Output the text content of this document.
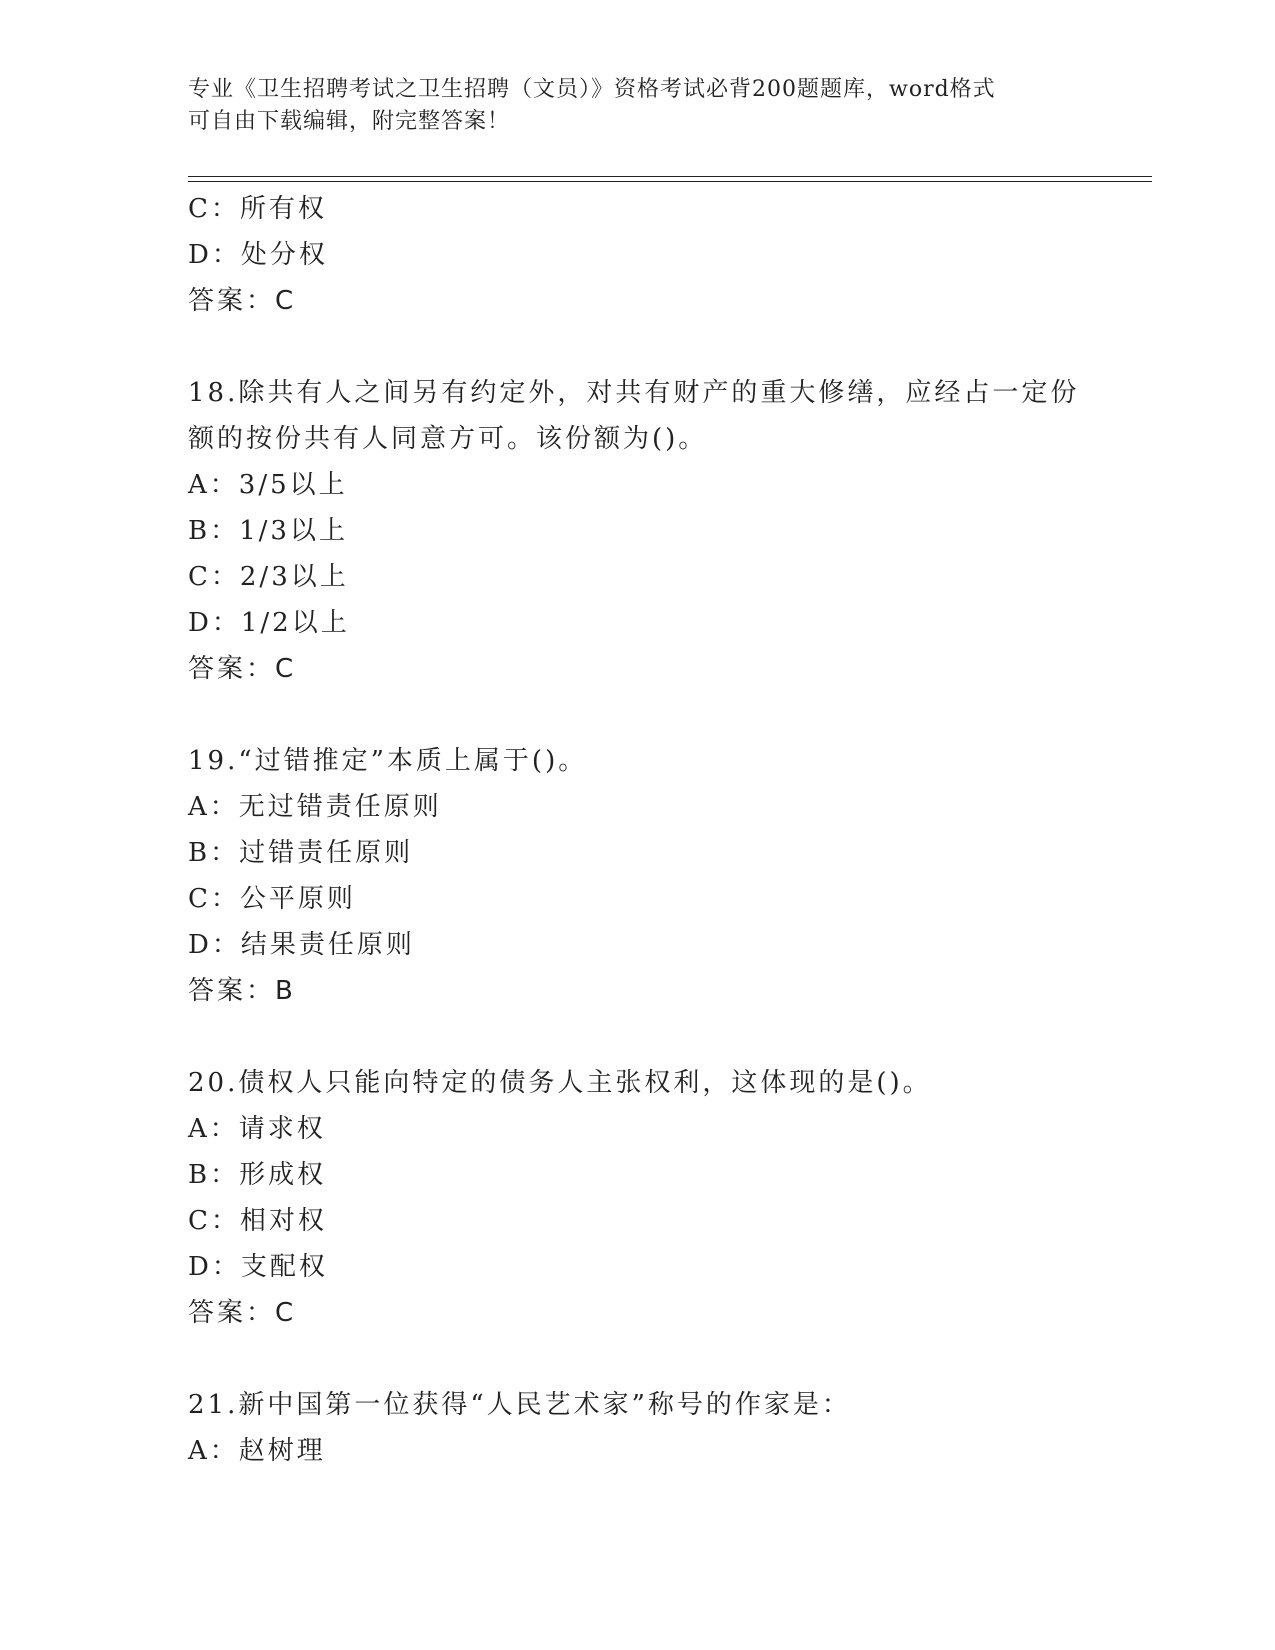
专业《卫生招聘考试之卫生招聘（文员）》资格考试必背200题题库，word格式
可自由下载编辑，附完整答案！
C：所有权
D：处分权
答案：C
18.除共有人之间另有约定外，对共有财产的重大修缮，应经占一定份
额的按份共有人同意方可。该份额为()。
A：3/5以上
B：1/3以上
C：2/3以上
D：1/2以上
答案：C
19.“过错推定”本质上属于()。
A：无过错责任原则
B：过错责任原则
C：公平原则
D：结果责任原则
答案：B
20.债权人只能向特定的债务人主张权利，这体现的是()。
A：请求权
B：形成权
C：相对权
D：支配权
答案：C
21.新中国第一位获得“人民艺术家”称号的作家是：
A：赵树理
